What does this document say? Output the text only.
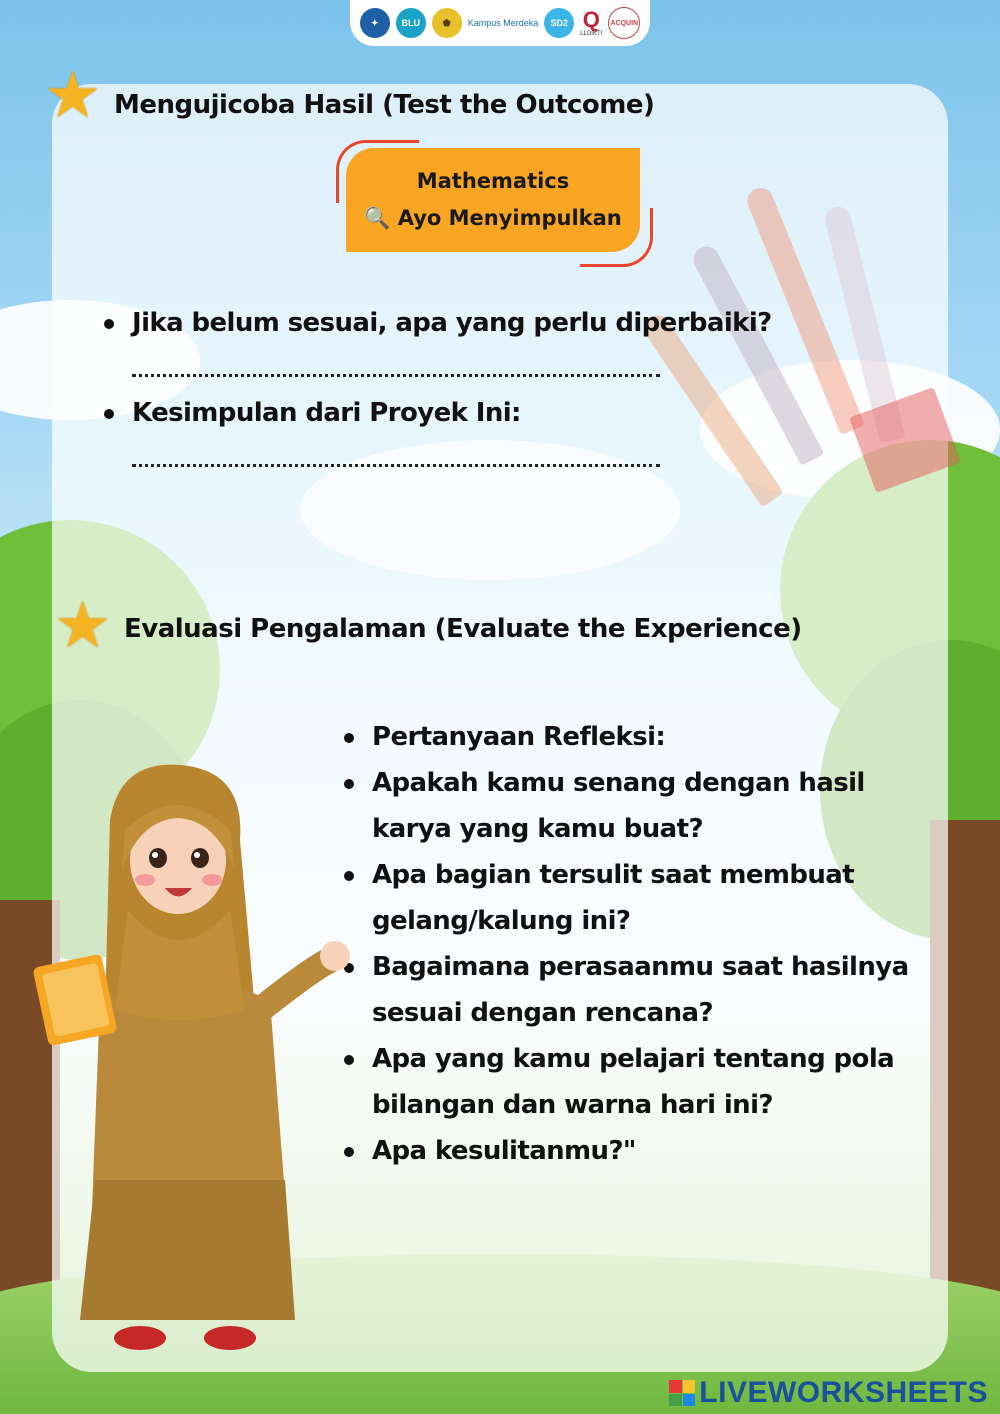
✦	BLU	⬟	Kampus Merdeka	SD2 Q
LLDIKTI
ACQUIN
★ Mengujicoba Hasil (Test the Outcome)
Mathematics
🔍 Ayo Menyimpulkan
Jika belum sesuai, apa yang perlu diperbaiki?
Kesimpulan dari Proyek Ini:
★ Evaluasi Pengalaman (Evaluate the Experience)
Pertanyaan Refleksi:
Apakah kamu senang dengan hasil karya yang kamu buat?
Apa bagian tersulit saat membuat gelang/kalung ini?
Bagaimana perasaanmu saat hasilnya sesuai dengan rencana?
Apa yang kamu pelajari tentang pola bilangan dan warna hari ini?
Apa kesulitanmu?"
LIVEWORKSHEETS
